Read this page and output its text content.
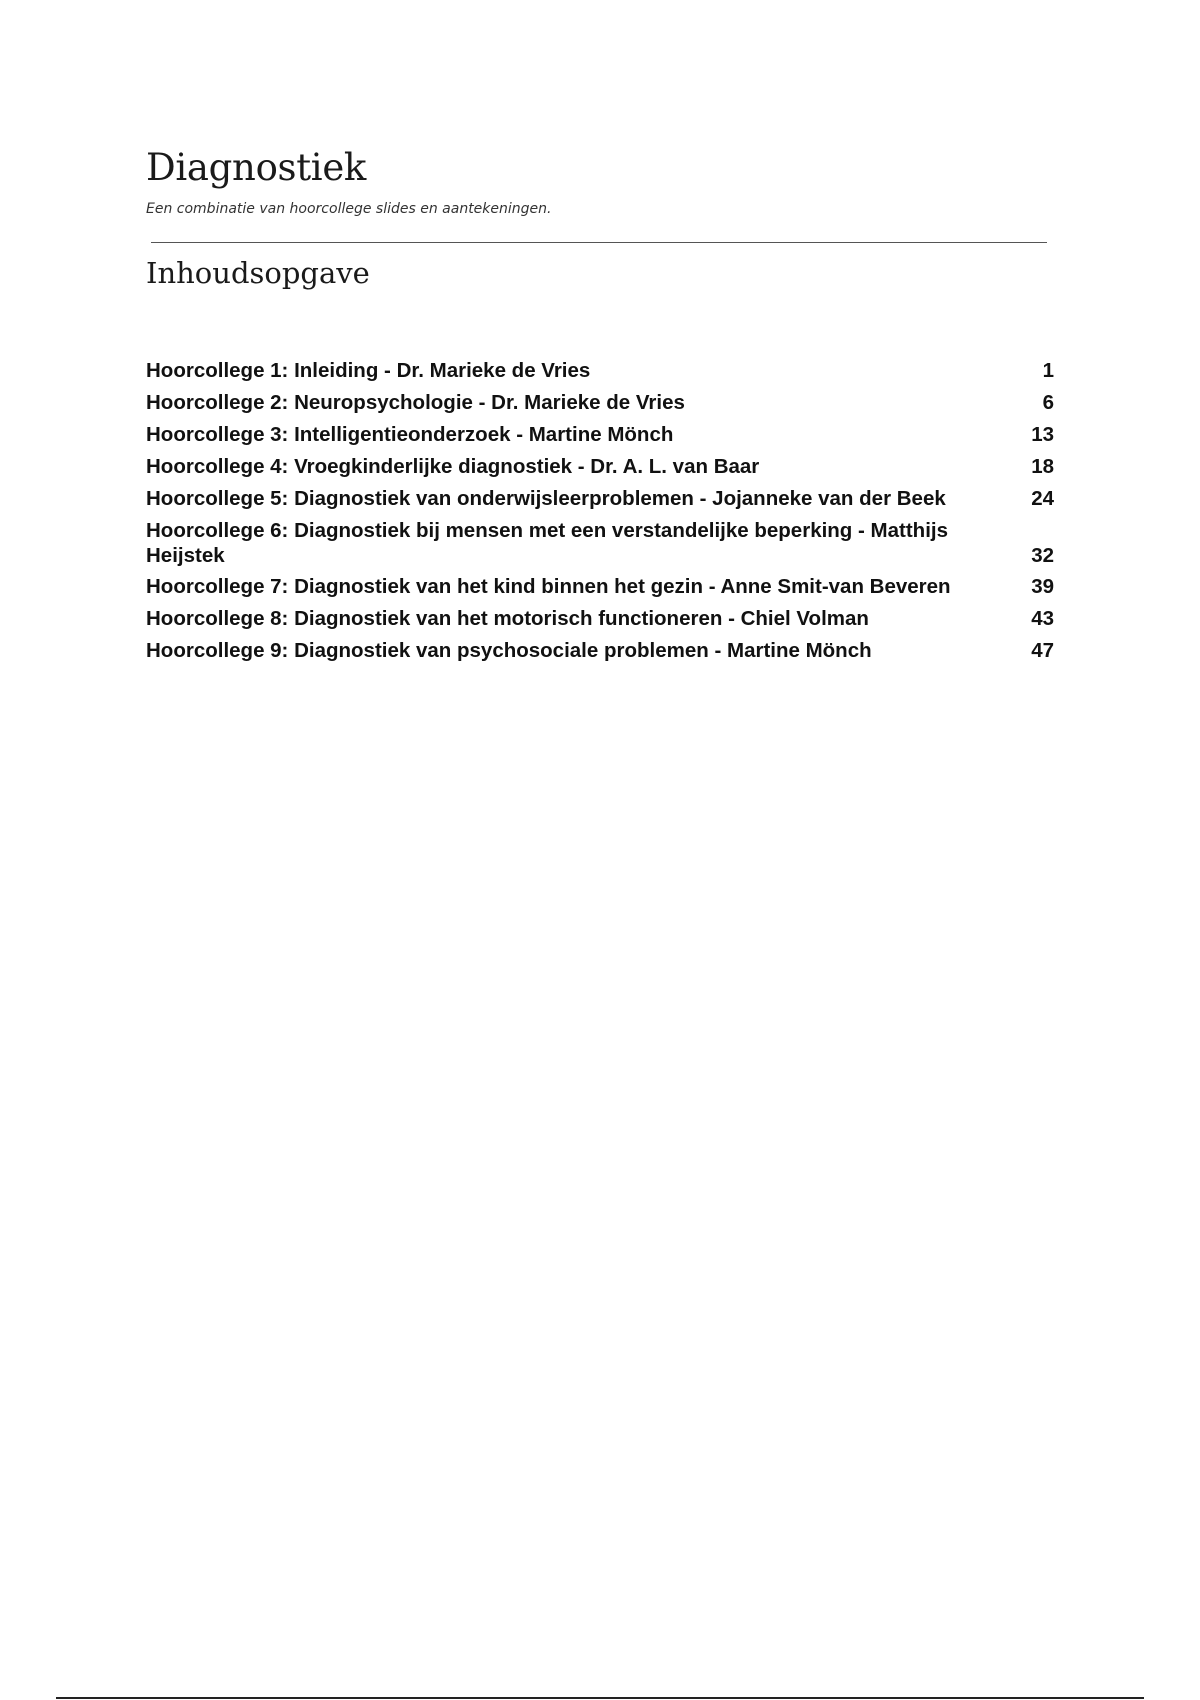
Diagnostiek

Een combinatie van hoorcollege slides en aantekeningen.

Inhoudsopgave
Hoorcollege 1: Inleiding - Dr. Marieke de Vries	1
Hoorcollege 2: Neuropsychologie - Dr. Marieke de Vries	6
Hoorcollege 3: Intelligentieonderzoek - Martine Mönch	13
Hoorcollege 4: Vroegkinderlijke diagnostiek - Dr. A. L. van Baar	18
Hoorcollege 5: Diagnostiek van onderwijsleerproblemen - Jojanneke van der Beek	24
Hoorcollege 6: Diagnostiek bij mensen met een verstandelijke beperking - Matthijs Heijstek	32
Hoorcollege 7: Diagnostiek van het kind binnen het gezin - Anne Smit-van Beveren	39
Hoorcollege 8: Diagnostiek van het motorisch functioneren - Chiel Volman	43
Hoorcollege 9: Diagnostiek van psychosociale problemen - Martine Mönch	47
